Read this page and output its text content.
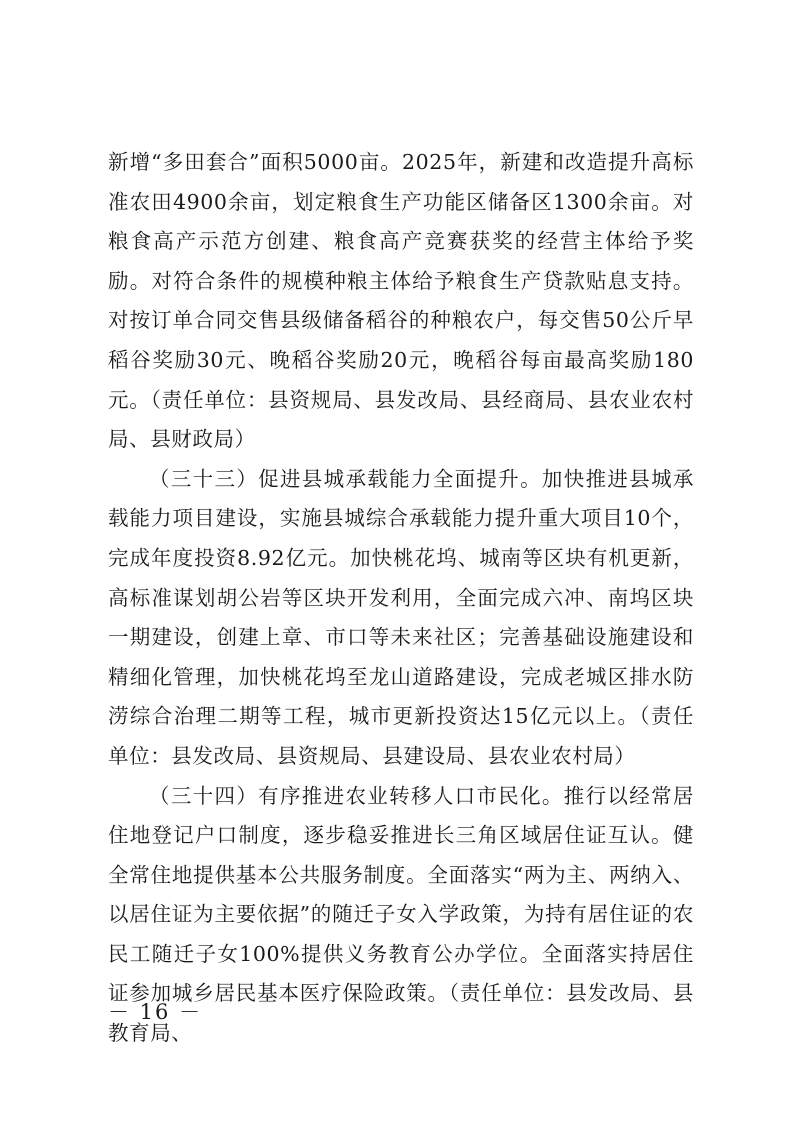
新增“多田套合”面积5000亩。2025年，新建和改造提升高标准农田4900余亩，划定粮食生产功能区储备区1300余亩。对粮食高产示范方创建、粮食高产竞赛获奖的经营主体给予奖励。对符合条件的规模种粮主体给予粮食生产贷款贴息支持。对按订单合同交售县级储备稻谷的种粮农户，每交售50公斤早稻谷奖励30元、晚稻谷奖励20元，晚稻谷每亩最高奖励180元。（责任单位：县资规局、县发改局、县经商局、县农业农村局、县财政局）

（三十三）促进县城承载能力全面提升。加快推进县城承载能力项目建设，实施县城综合承载能力提升重大项目10个，完成年度投资8.92亿元。加快桃花坞、城南等区块有机更新，高标准谋划胡公岩等区块开发利用，全面完成六冲、南坞区块一期建设，创建上章、市口等未来社区；完善基础设施建设和精细化管理，加快桃花坞至龙山道路建设，完成老城区排水防涝综合治理二期等工程，城市更新投资达15亿元以上。（责任单位：县发改局、县资规局、县建设局、县农业农村局）

（三十四）有序推进农业转移人口市民化。推行以经常居住地登记户口制度，逐步稳妥推进长三角区域居住证互认。健全常住地提供基本公共服务制度。全面落实“两为主、两纳入、以居住证为主要依据”的随迁子女入学政策，为持有居住证的农民工随迁子女100%提供义务教育公办学位。全面落实持居住证参加城乡居民基本医疗保险政策。（责任单位：县发改局、县教育局、

－ 16 －
